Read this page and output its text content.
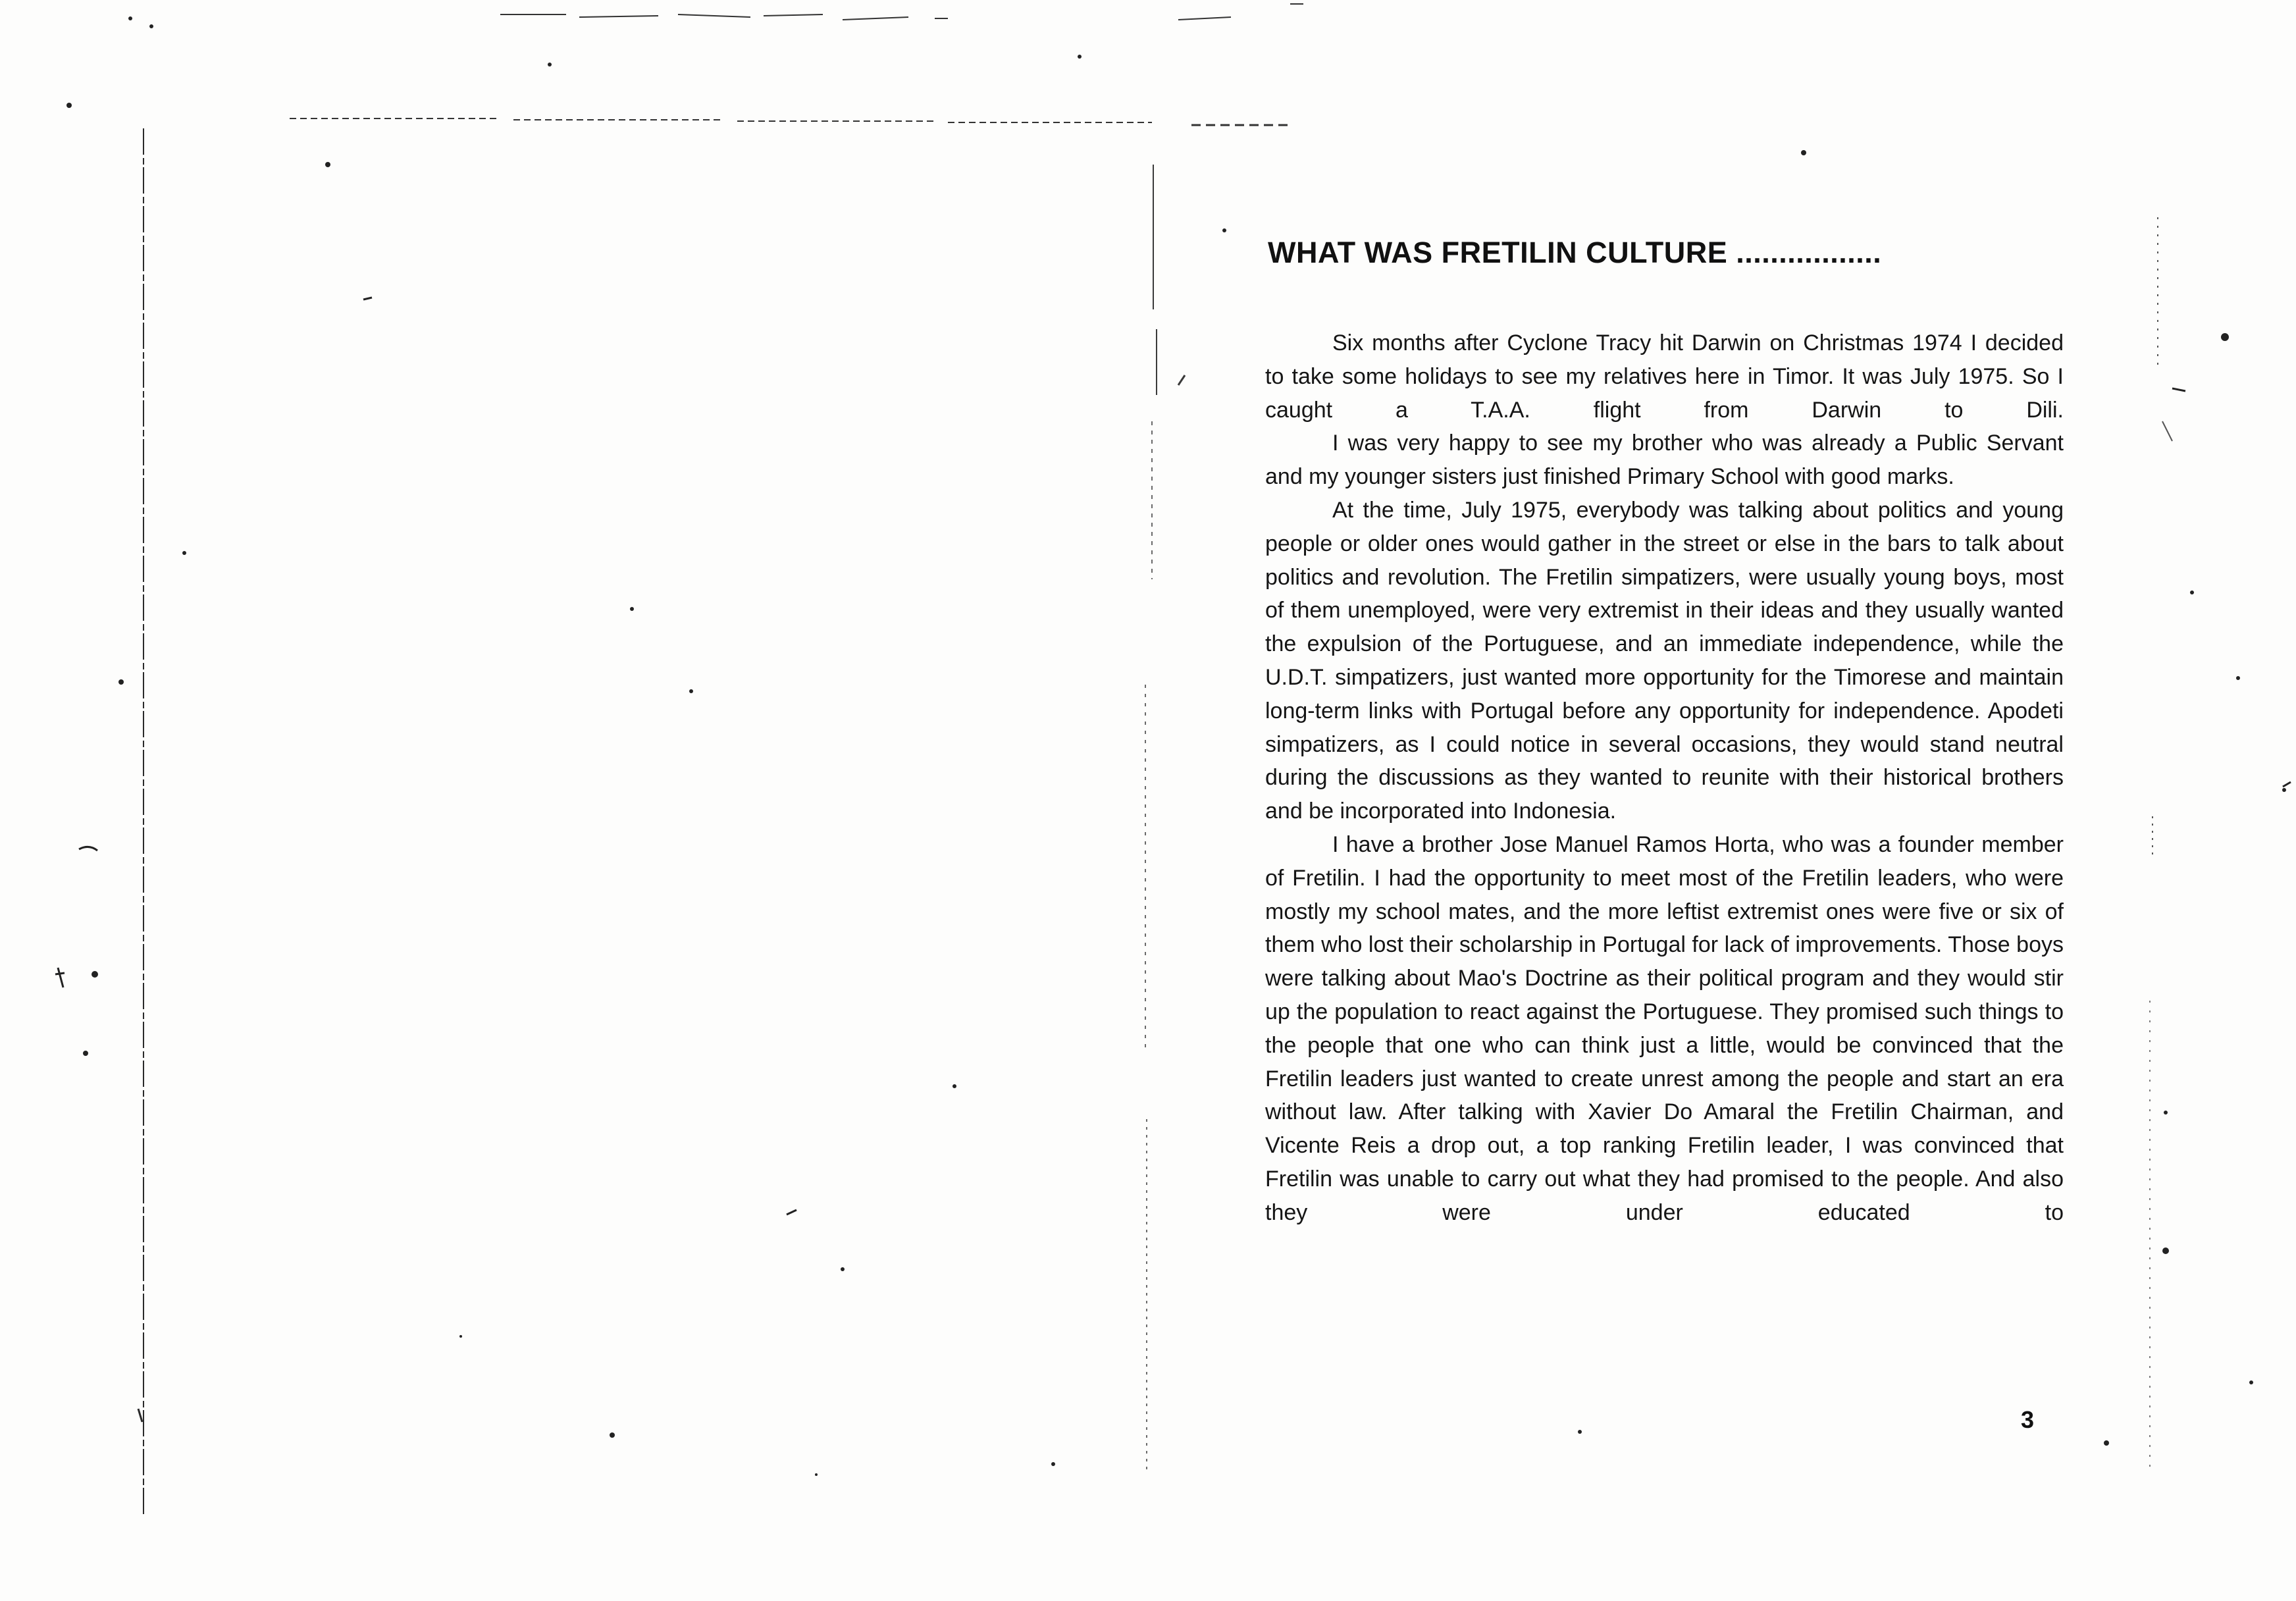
WHAT WAS FRETILIN CULTURE .................

Six months after Cyclone Tracy hit Darwin on Christmas 1974 I decided to take some holidays to see my relatives here in Timor. It was July 1975. So I caught a T.A.A. flight from Darwin to Dili.

I was very happy to see my brother who was already a Public Servant and my younger sisters just finished Primary School with good marks.

At the time, July 1975, everybody was talking about politics and young people or older ones would gather in the street or else in the bars to talk about politics and revolution. The Fretilin simpatizers, were usually young boys, most of them unemployed, were very extremist in their ideas and they usually wanted the expulsion of the Portuguese, and an immediate independence, while the U.D.T. simpatizers, just wanted more opportunity for the Timorese and maintain long-term links with Portugal before any opportunity for independence. Apodeti simpatizers, as I could notice in several occasions, they would stand neutral during the discussions as they wanted to reunite with their historical brothers and be incorporated into Indonesia.

I have a brother Jose Manuel Ramos Horta, who was a founder member of Fretilin. I had the opportunity to meet most of the Fretilin leaders, who were mostly my school mates, and the more leftist extremist ones were five or six of them who lost their scholarship in Portugal for lack of improvements. Those boys were talking about Mao's Doctrine as their political program and they would stir up the population to react against the Portuguese. They promised such things to the people that one who can think just a little, would be convinced that the Fretilin leaders just wanted to create unrest among the people and start an era without law. After talking with Xavier Do Amaral the Fretilin Chairman, and Vicente Reis a drop out, a top ranking Fretilin leader, I was convinced that Fretilin was unable to carry out what they had promised to the people. And also they were under educated to

3
